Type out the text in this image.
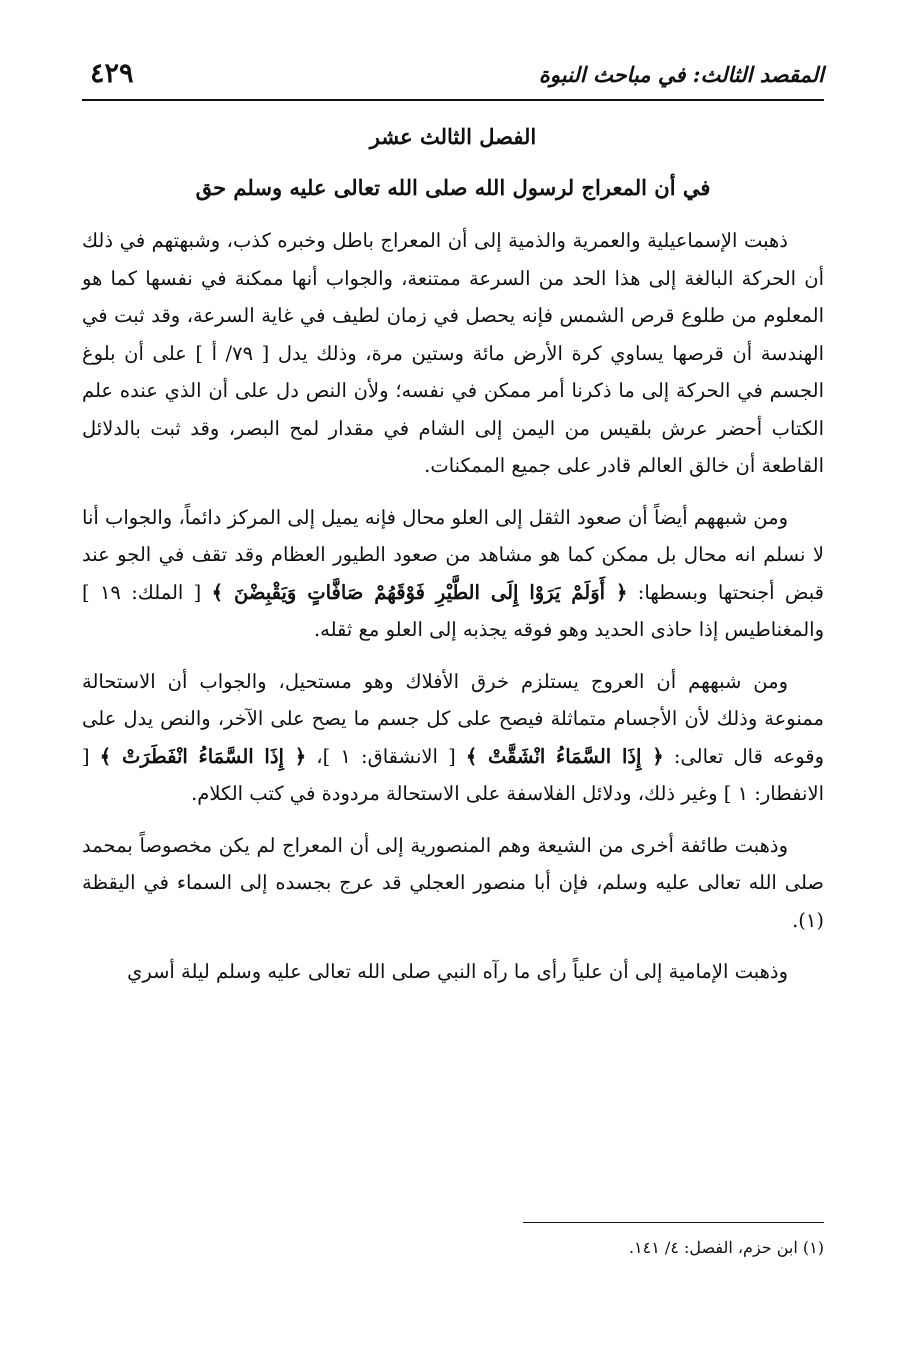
المقصد الثالث: في مباحث النبوة
٤٢٩
الفصل الثالث عشر
في أن المعراج لرسول الله صلى الله تعالى عليه وسلم حق

ذهبت الإسماعيلية والعمرية والذمية إلى أن المعراج باطل وخبره كذب، وشبهتهم في ذلك أن الحركة البالغة إلى هذا الحد من السرعة ممتنعة، والجواب أنها ممكنة في نفسها كما هو المعلوم من طلوع قرص الشمس فإنه يحصل في زمان لطيف في غاية السرعة، وقد ثبت في الهندسة أن قرصها يساوي كرة الأرض مائة وستين مرة، وذلك يدل [ ٧٩/ أ ] على أن بلوغ الجسم في الحركة إلى ما ذكرنا أمر ممكن في نفسه؛ ولأن النص دل على أن الذي عنده علم الكتاب أحضر عرش بلقيس من اليمن إلى الشام في مقدار لمح البصر، وقد ثبت بالدلائل القاطعة أن خالق العالم قادر على جميع الممكنات.

ومن شبههم أيضاً أن صعود الثقل إلى العلو محال فإنه يميل إلى المركز دائماً، والجواب أنا لا نسلم انه محال بل ممكن كما هو مشاهد من صعود الطيور العظام وقد تقف في الجو عند قبض أجنحتها وبسطها: ﴿ أَوَلَمْ يَرَوْا إِلَى الطَّيْرِ فَوْقَهُمْ صَافَّاتٍ وَيَقْبِضْنَ ﴾ [ الملك: ١٩ ] والمغناطيس إذا حاذى الحديد وهو فوقه يجذبه إلى العلو مع ثقله.

ومن شبههم أن العروج يستلزم خرق الأفلاك وهو مستحيل، والجواب أن الاستحالة ممنوعة وذلك لأن الأجسام متماثلة فيصح على كل جسم ما يصح على الآخر، والنص يدل على وقوعه قال تعالى: ﴿ إِذَا السَّمَاءُ انْشَقَّتْ ﴾ [ الانشقاق: ١ ]، ﴿ إِذَا السَّمَاءُ انْفَطَرَتْ ﴾ [ الانفطار: ١ ] وغير ذلك، ودلائل الفلاسفة على الاستحالة مردودة في كتب الكلام.

وذهبت طائفة أخرى من الشيعة وهم المنصورية إلى أن المعراج لم يكن مخصوصاً بمحمد صلى الله تعالى عليه وسلم، فإن أبا منصور العجلي قد عرج بجسده إلى السماء في اليقظة (١).

وذهبت الإمامية إلى أن علياً رأى ما رآه النبي صلى الله تعالى عليه وسلم ليلة أسري

(١) ابن حزم، الفصل: ٤/ ١٤١.
